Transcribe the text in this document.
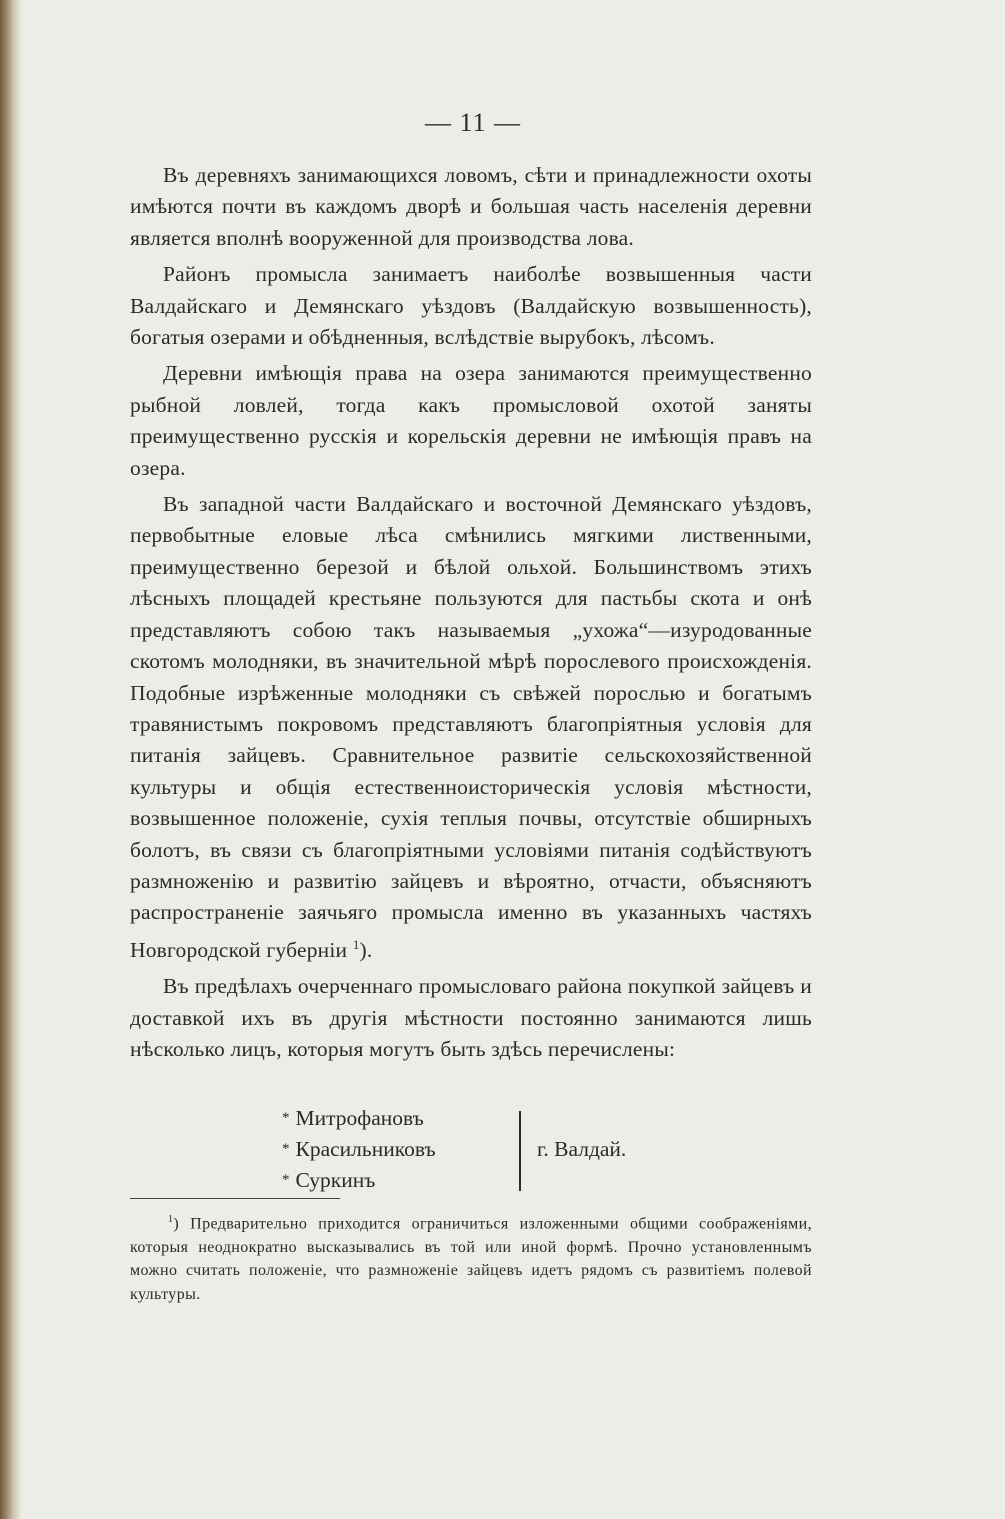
— 11 —

Въ деревняхъ занимающихся ловомъ, сѣти и принадлежности охоты имѣются почти въ каждомъ дворѣ и большая часть населенія деревни является вполнѣ вооруженной для производства лова.

Районъ промысла занимаетъ наиболѣе возвышенныя части Валдайскаго и Демянскаго уѣздовъ (Валдайскую возвышенность), богатыя озерами и обѣдненныя, вслѣдствіе вырубокъ, лѣсомъ.

Деревни имѣющія права на озера занимаются преимущественно рыбной ловлей, тогда какъ промысловой охотой заняты преимущественно русскія и корельскія деревни не имѣющія правъ на озера.

Въ западной части Валдайскаго и восточной Демянскаго уѣздовъ, первобытные еловые лѣса смѣнились мягкими лиственными, преимущественно березой и бѣлой ольхой. Большинствомъ этихъ лѣсныхъ площадей крестьяне пользуются для пастьбы скота и онѣ представляютъ собою такъ называемыя „ухожа“—изуродованные скотомъ молодняки, въ значительной мѣрѣ порослевого происхожденія. Подобные изрѣженные молодняки съ свѣжей порослью и богатымъ травянистымъ покровомъ представляютъ благопріятныя условія для питанія зайцевъ. Сравнительное развитіе сельскохозяйственной культуры и общія естественноисторическія условія мѣстности, возвышенное положеніе, сухія теплыя почвы, отсутствіе обширныхъ болотъ, въ связи съ благопріятными условіями питанія содѣйствуютъ размноженію и развитію зайцевъ и вѣроятно, отчасти, объясняютъ распространеніе заячьяго промысла именно въ указанныхъ частяхъ Новгородской губерніи $^1$).

Въ предѣлахъ очерченнаго промысловаго района покупкой зайцевъ и доставкой ихъ въ другія мѣстности постоянно занимаются лишь нѣсколько лицъ, которыя могутъ быть здѣсь перечислены:

* Митрофановъ
* Красильниковъ
* Суркинъ
г. Валдай.

$^1$) Предварительно приходится ограничиться изложенными общими соображеніями, которыя неоднократно высказывались въ той или иной формѣ. Прочно установленнымъ можно считать положеніе, что размноженіе зайцевъ идетъ рядомъ съ развитіемъ полевой культуры.
